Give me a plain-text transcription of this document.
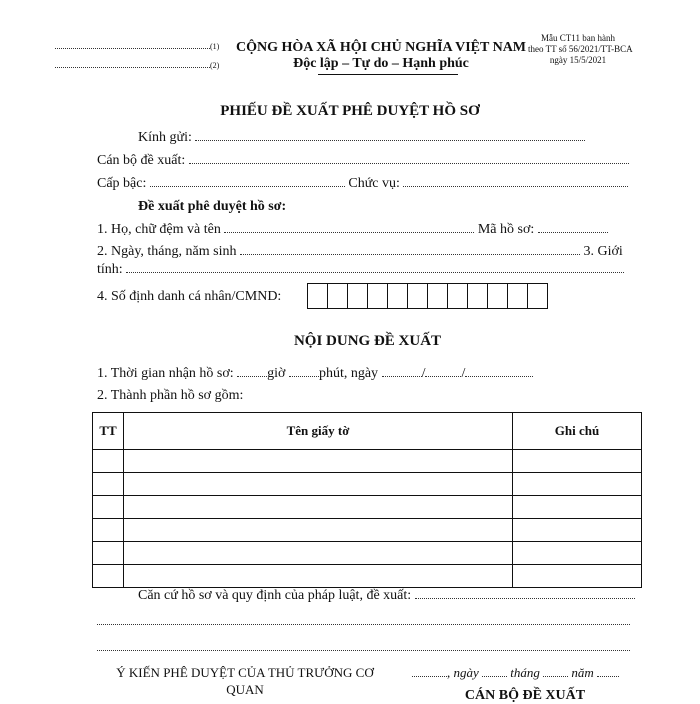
(1)
(2)
CỘNG HÒA XÃ HỘI CHỦ NGHĨA VIỆT NAM
Độc lập – Tự do – Hạnh phúc
Mẫu CT11 ban hành
theo TT số 56/2021/TT-BCA
ngày 15/5/2021
PHIẾU ĐỀ XUẤT PHÊ DUYỆT HỒ SƠ
Kính gửi:
Cán bộ đề xuất:
Cấp bậc:	Chức vụ:
Đề xuất phê duyệt hồ sơ:
1. Họ, chữ đệm và tên	Mã hồ sơ:
2. Ngày, tháng, năm sinh	3. Giới
tính:
4. Số định danh cá nhân/CMND:
NỘI DUNG ĐỀ XUẤT
1. Thời gian nhận hồ sơ: giờ phút, ngày	/	/
2. Thành phần hồ sơ gồm:
TT	Tên giấy tờ	Ghi chú

Căn cứ hồ sơ và quy định của pháp luật, đề xuất:
Ý KIẾN PHÊ DUYỆT CỦA THỦ TRƯỞNG CƠ
QUAN
, ngày tháng năm
CÁN BỘ ĐỀ XUẤT
